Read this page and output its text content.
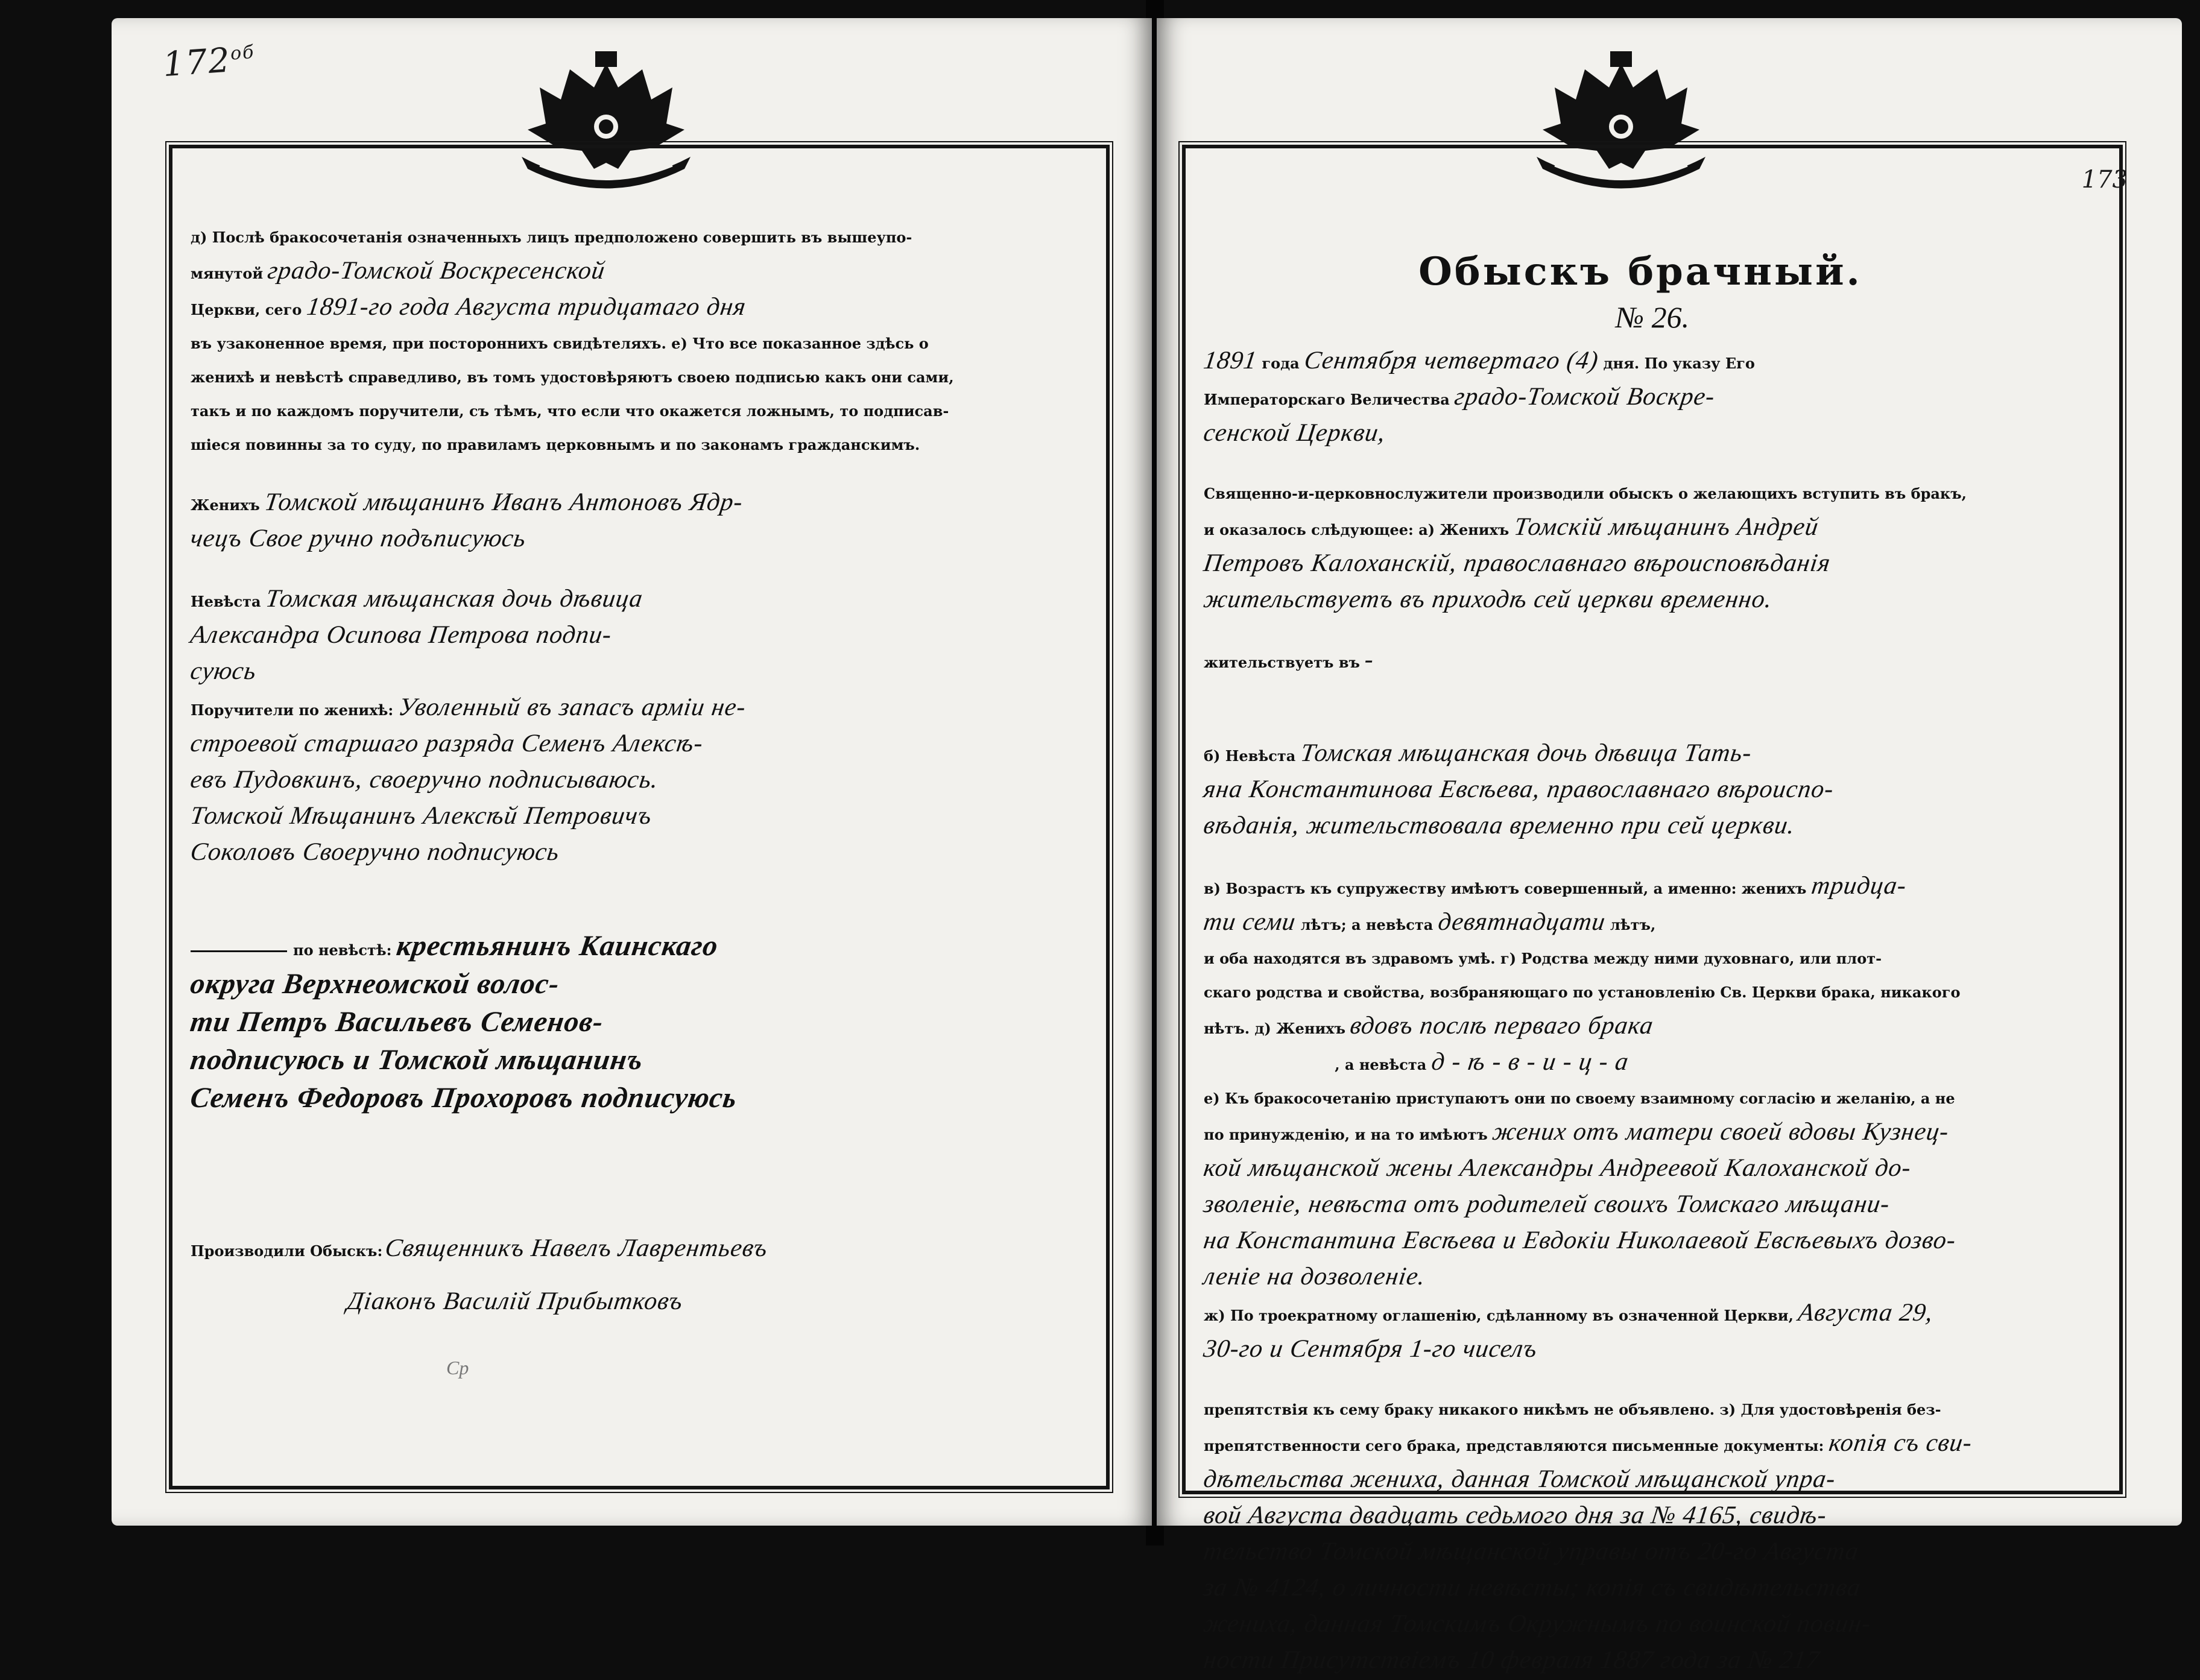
$172^{об}$
д) Послѣ бракосочетанія означенныхъ лицъ предположено совершить въ вышеупо-
мянутой градо-Томской Воскресенской
Церкви, сего 1891-го года Августа тридцатаго дня
въ узаконенное время, при постороннихъ свидѣтеляхъ. е) Что все показанное здѣсь о
женихѣ и невѣстѣ справедливо, въ томъ удостовѣряютъ своею подписью какъ они сами,
такъ и по каждомъ поручители, съ тѣмъ, что если что окажется ложнымъ, то подписав-
шіеся повинны за то суду, по правиламъ церковнымъ и по законамъ гражданскимъ.
Женихъ Томской мѣщанинъ Иванъ Антоновъ Ядр-
чецъ Свое ручно подъписуюсь
Невѣста Томская мѣщанская дочь дѣвица
Александра Осипова Петрова подпи-
суюсь
Поручители по женихѣ: Уволенный въ запасъ арміи не-
строевой старшаго разряда Семенъ Алексѣ-
евъ Пудовкинъ, своеручно подписываюсь.
Томской Мѣщанинъ Алексѣй Петровичъ
Соколовъ Своеручно подписуюсь
по невѣстѣ: крестьянинъ Каинскаго
округа Верхнеомской волос-
ти Петръ Васильевъ Семенов-
подписуюсь и Томской мѣщанинъ
Семенъ Федоровъ Прохоровъ подписуюсь
Производили Обыскъ: Священникъ Навелъ Лаврентьевъ
Діаконъ Василій Прибытковъ
Ср
173
Обыскъ брачный.
№ 26.
1891 года Сентября четвертаго (4) дня. По указу Его
Императорскаго Величества градо-Томской Воскре-
сенской Церкви,
Священно-и-церковнослужители производили обыскъ о желающихъ вступить въ бракъ,
и оказалось слѣдующее: а) Женихъ Томскій мѣщанинъ Андрей
Петровъ Калоханскій, православнаго вѣроисповѣданія
жительствуетъ въ приходѣ сей церкви временно.
жительствуетъ въ -
б) Невѣста Томская мѣщанская дочь дѣвица Тать-
яна Константинова Евсѣева, православнаго вѣроиспо-
вѣданія, жительствовала временно при сей церкви.
в) Возрастъ къ супружеству имѣютъ совершенный, а именно: женихъ тридца-
ти семи лѣтъ; а невѣста девятнадцати лѣтъ,
и оба находятся въ здравомъ умѣ. г) Родства между ними духовнаго, или плот-
скаго родства и свойства, возбраняющаго по установленію Св. Церкви брака, никакого
нѣтъ. д) Женихъ вдовъ послѣ перваго брака
, а невѣста д - ѣ - в - и - ц - а
е) Къ бракосочетанію приступаютъ они по своему взаимному согласію и желанію, а не
по принужденію, и на то имѣютъ жених отъ матери своей вдовы Кузнец-
кой мѣщанской жены Александры Андреевой Калоханской до-
зволеніе, невѣста отъ родителей своихъ Томскаго мѣщани-
на Константина Евсѣева и Евдокіи Николаевой Евсѣевыхъ дозво-
леніе на дозволеніе.
ж) По троекратному оглашенію, сдѣланному въ означенной Церкви, Августа 29,
30-го и Сентября 1-го чиселъ
препятствія къ сему браку никакого никѣмъ не объявлено. з) Для удостовѣренія без-
препятственности сего брака, представляются письменные документы: копія съ сви-
дѣтельства жениха, данная Томской мѣщанской упра-
вой Августа двадцать седьмого дня за № 4165, свидѣ-
тельство Томской мѣщанской управы отъ 20-го Августа
за № 4124, о личности невѣсты; копія съ свидѣтельства
жениха, данная Томскимъ Окружнымъ по воинской повин-
ности Присутствіемъ 10 февраля 1887 года за № 217
